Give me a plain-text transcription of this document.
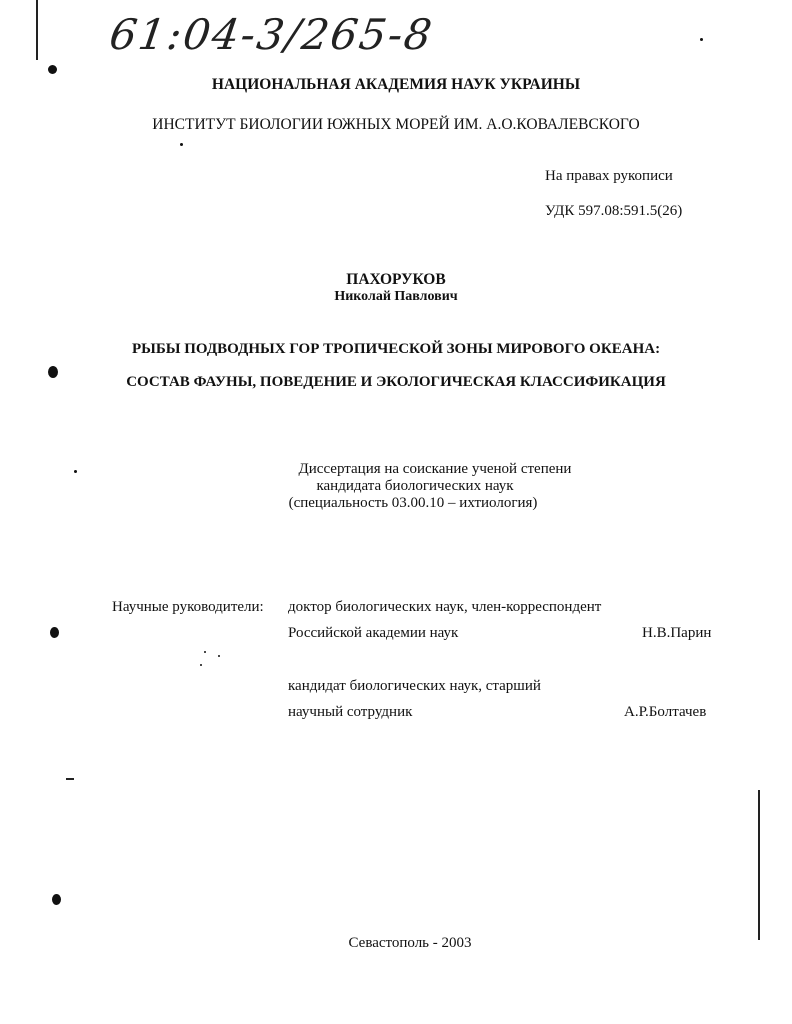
61:04-3/265-8
НАЦИОНАЛЬНАЯ АКАДЕМИЯ НАУК УКРАИНЫ
ИНСТИТУТ БИОЛОГИИ ЮЖНЫХ МОРЕЙ ИМ. А.О.КОВАЛЕВСКОГО
На правах рукописи
УДК 597.08:591.5(26)
ПАХОРУКОВ
Николай Павлович
РЫБЫ ПОДВОДНЫХ ГОР ТРОПИЧЕСКОЙ ЗОНЫ МИРОВОГО ОКЕАНА:
СОСТАВ ФАУНЫ, ПОВЕДЕНИЕ И ЭКОЛОГИЧЕСКАЯ КЛАССИФИКАЦИЯ
Диссертация на соискание ученой степени
кандидата биологических наук
(специальность 03.00.10 – ихтиология)
Научные руководители: доктор биологических наук, член-корреспондент
Российской академии наук	Н.В.Парин
кандидат биологических наук, старший
научный сотрудник	А.Р.Болтачев
Севастополь - 2003
